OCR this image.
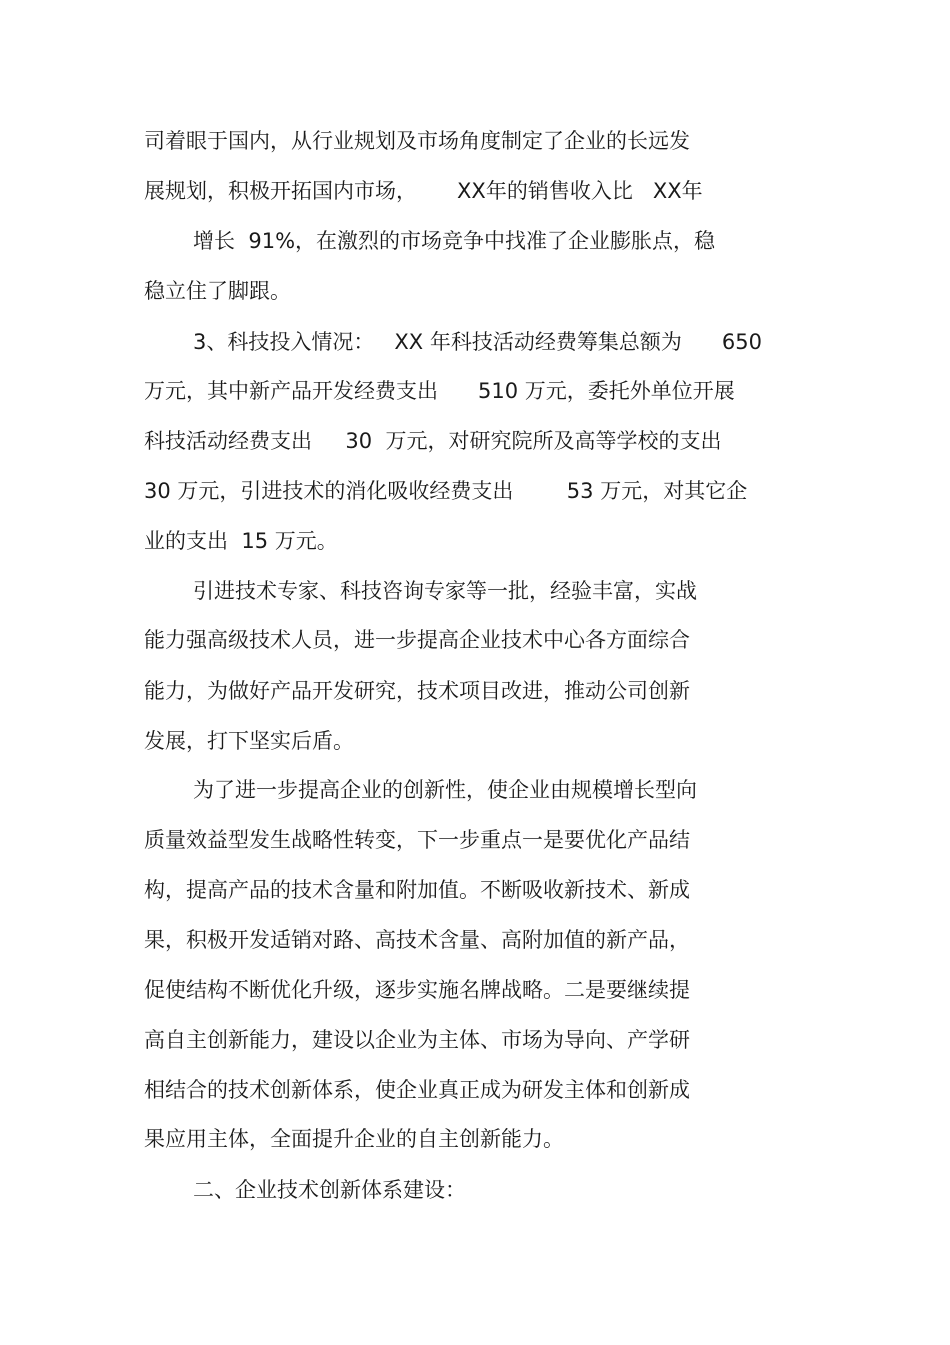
司着眼于国内，从行业规划及市场角度制定了企业的长远发
展规划，积极开拓国内市场，      XX年的销售收入比   XX年
增长  91%，在激烈的市场竞争中找准了企业膨胀点，稳
稳立住了脚跟。
3、科技投入情况：   XX 年科技活动经费筹集总额为      650
万元，其中新产品开发经费支出      510 万元，委托外单位开展
科技活动经费支出     30  万元，对研究院所及高等学校的支出
30 万元，引进技术的消化吸收经费支出        53 万元，对其它企
业的支出  15 万元。
引进技术专家、科技咨询专家等一批，经验丰富，实战
能力强高级技术人员，进一步提高企业技术中心各方面综合
能力，为做好产品开发研究，技术项目改进，推动公司创新
发展，打下坚实后盾。
为了进一步提高企业的创新性，使企业由规模增长型向
质量效益型发生战略性转变，下一步重点一是要优化产品结
构，提高产品的技术含量和附加值。不断吸收新技术、新成
果，积极开发适销对路、高技术含量、高附加值的新产品，
促使结构不断优化升级，逐步实施名牌战略。二是要继续提
高自主创新能力，建设以企业为主体、市场为导向、产学研
相结合的技术创新体系，使企业真正成为研发主体和创新成
果应用主体，全面提升企业的自主创新能力。
二、企业技术创新体系建设：
